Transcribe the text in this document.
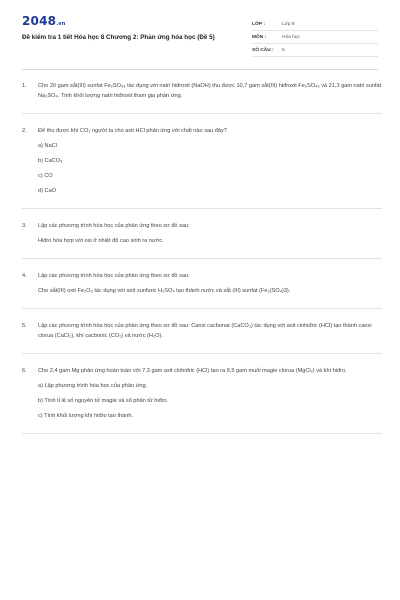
2048.vn
Đề kiểm tra 1 tiết Hóa học 8 Chương 2: Phản ứng hóa học (Đề 5)
LỚP :	Lớp 8
MÔN :	Hóa học
SỐ CÂU :	6
1.	Cho 20 gam sắt(III) sunfat Fe₂SO₄₃ tác dụng với natri hiđroxit (NaOH) thu được 10,7 gam sắt(III) hiđroxit Fe₂SO₄₃ và 21,3 gam natri sunfat Na₂SO₄. Tính khối lượng natri hiđroxit tham gia phản ứng.
2.	Để thu được khí CO₂ người ta cho axit HCl phản ứng với chất nào sau đây?
a) NaCl
b) CaCO₃
c) CO
d) CaO
3.	Lập các phương trình hóa học của phản ứng theo sơ đồ sau:
Hiđro hóa hợp với oxi ở nhiệt độ cao sinh ra nước.
4.	Lập các phương trình hóa học của phản ứng theo sơ đồ sau:
Cho sắt(III) oxit Fe₂O₃ tác dụng với axit sunfuric H₂SO₄ tạo thành nước và sắt (III) sunfat (Fe₂(SO₄)3).
5.	Lập các phương trình hóa học của phản ứng theo sơ đồ sau: Canxi cacbonat (CaCO₃) tác dụng với axit clohiđric (HCl) tạo thành canxi clorua (CaCl₂), khí cacbonic (CO₂) và nước (H₂O).
6.	Cho 2,4 gam Mg phản ứng hoàn toàn với 7,3 gam axit clohiđric (HCl) tạo ra 9,5 gam muối magie clorua (MgCl₂) và khí hiđro.
a) Lập phương trình hóa học của phản ứng.
b) Tính tỉ lệ số nguyên tử magie và số phân tử hiđro.
c) Tính khối lượng khí hiđro tạo thành.
